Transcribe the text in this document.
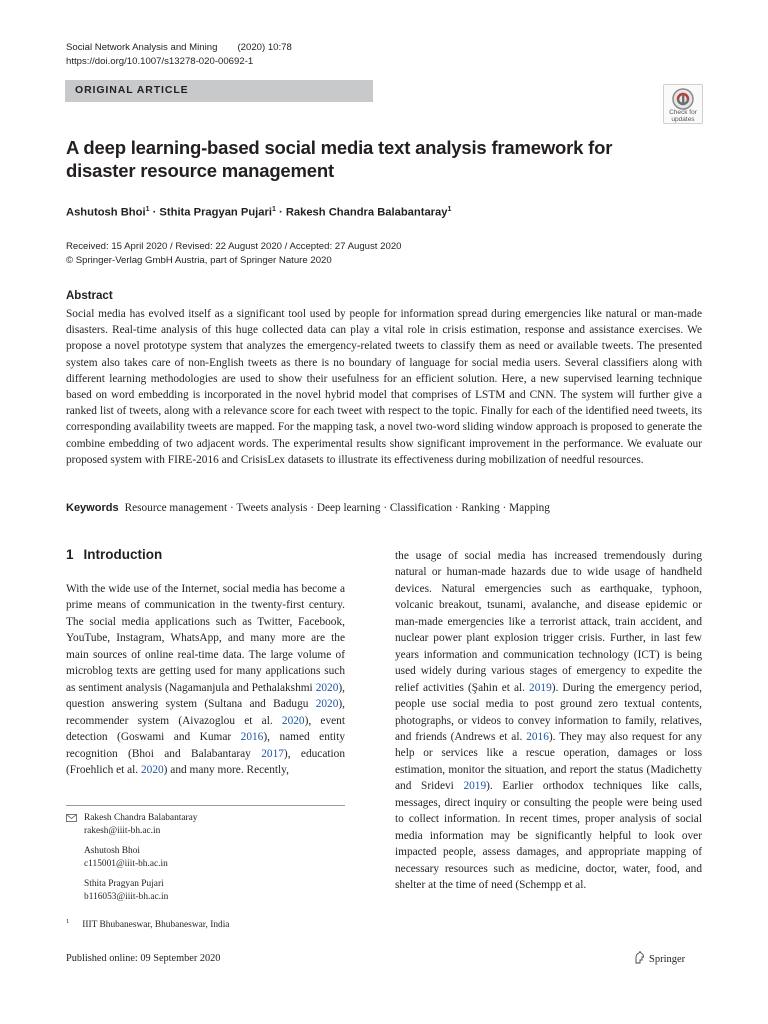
Social Network Analysis and Mining (2020) 10:78
https://doi.org/10.1007/s13278-020-00692-1
ORIGINAL ARTICLE
Check for
updates
A deep learning-based social media text analysis framework for disaster resource management
Ashutosh Bhoi$^1$ · Sthita Pragyan Pujari$^1$ · Rakesh Chandra Balabantaray$^1$
Received: 15 April 2020 / Revised: 22 August 2020 / Accepted: 27 August 2020
© Springer-Verlag GmbH Austria, part of Springer Nature 2020
Abstract
Social media has evolved itself as a significant tool used by people for information spread during emergencies like natural or man-made disasters. Real-time analysis of this huge collected data can play a vital role in crisis estimation, response and assistance exercises. We propose a novel prototype system that analyzes the emergency-related tweets to classify them as need or available tweets. The presented system also takes care of non-English tweets as there is no boundary of language for social media users. Several classifiers along with different learning methodologies are used to show their usefulness for an efficient solution. Here, a new supervised learning technique based on word embedding is incorporated in the novel hybrid model that comprises of LSTM and CNN. The system will further give a ranked list of tweets, along with a relevance score for each tweet with respect to the topic. Finally for each of the identified need tweets, its corresponding availability tweets are mapped. For the mapping task, a novel two-word sliding window approach is proposed to generate the combine embedding of two adjacent words. The experimental results show significant improvement in the performance. We evaluate our proposed system with FIRE-2016 and CrisisLex datasets to illustrate its effectiveness during mobilization of needful resources.
Keywords Resource management · Tweets analysis · Deep learning · Classification · Ranking · Mapping
1 Introduction
With the wide use of the Internet, social media has become a prime means of communication in the twenty-first century. The social media applications such as Twitter, Facebook, YouTube, Instagram, WhatsApp, and many more are the main sources of online real-time data. The large volume of microblog texts are getting used for many applications such as sentiment analysis (Nagamanjula and Pethalakshmi 2020), question answering system (Sultana and Badugu 2020), recommender system (Aivazoglou et al. 2020), event detection (Goswami and Kumar 2016), named entity recognition (Bhoi and Balabantaray 2017), education (Froehlich et al. 2020) and many more. Recently,
the usage of social media has increased tremendously during natural or human-made hazards due to wide usage of handheld devices. Natural emergencies such as earthquake, typhoon, volcanic breakout, tsunami, avalanche, and disease epidemic or man-made emergencies like a terrorist attack, train accident, and nuclear power plant explosion trigger crisis. Further, in last few years information and communication technology (ICT) is being used widely during various stages of emergency to expedite the relief activities (Şahin et al. 2019). During the emergency period, people use social media to post ground zero textual contents, photographs, or videos to convey information to family, relatives, and friends (Andrews et al. 2016). They may also request for any help or services like a rescue operation, damages or loss estimation, monitor the situation, and report the status (Madichetty and Sridevi 2019). Earlier orthodox techniques like calls, messages, direct inquiry or consulting the people were being used to collect information. In recent times, proper analysis of social media information may be significantly helpful to look over impacted people, assess damages, and appropriate mapping of necessary resources such as medicine, doctor, water, food, and shelter at the time of need (Schempp et al.
Rakesh Chandra Balabantaray
rakesh@iiit-bh.ac.in
Ashutosh Bhoi
c115001@iiit-bh.ac.in
Sthita Pragyan Pujari
b116053@iiit-bh.ac.in
$^1$ IIIT Bhubaneswar, Bhubaneswar, India
Published online: 09 September 2020	Springer
